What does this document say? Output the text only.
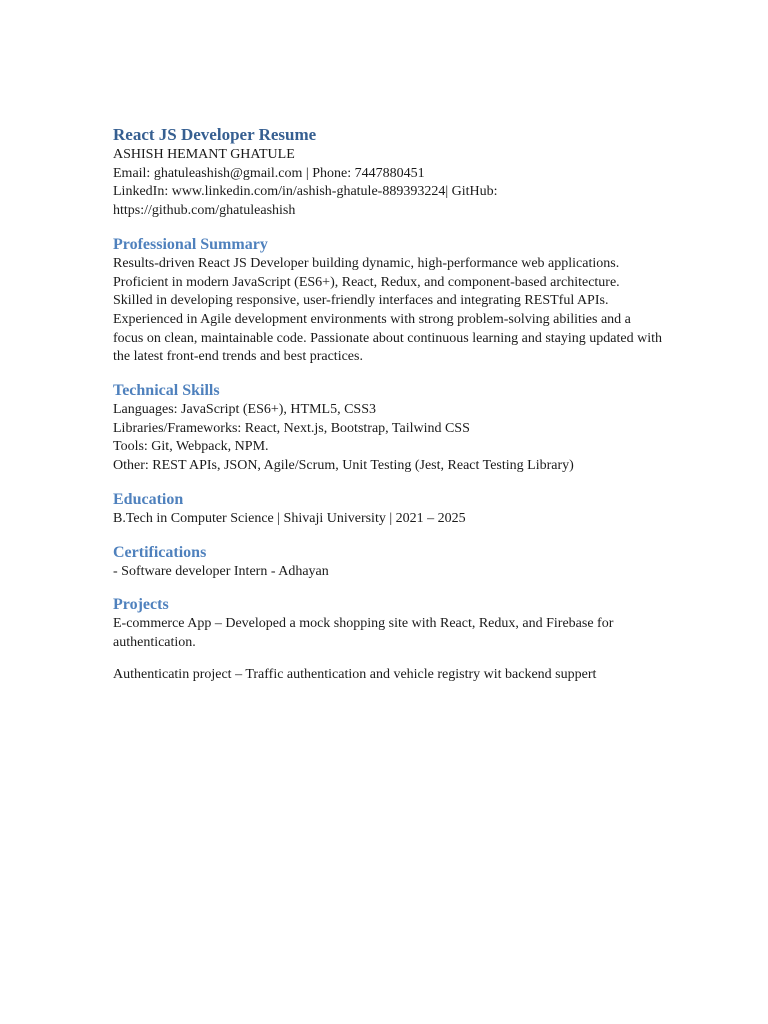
React JS Developer Resume
ASHISH HEMANT GHATULE
Email: ghatuleashish@gmail.com | Phone: 7447880451
LinkedIn: www.linkedin.com/in/ashish-ghatule-889393224| GitHub:
https://github.com/ghatuleashish
Professional Summary
Results-driven React JS Developer building dynamic, high-performance web applications.
Proficient in modern JavaScript (ES6+), React, Redux, and component-based architecture.
Skilled in developing responsive, user-friendly interfaces and integrating RESTful APIs.
Experienced in Agile development environments with strong problem-solving abilities and a
focus on clean, maintainable code. Passionate about continuous learning and staying updated with
the latest front-end trends and best practices.
Technical Skills
Languages: JavaScript (ES6+), HTML5, CSS3
Libraries/Frameworks: React, Next.js, Bootstrap, Tailwind CSS
Tools: Git, Webpack, NPM.
Other: REST APIs, JSON, Agile/Scrum, Unit Testing (Jest, React Testing Library)
Education
B.Tech in Computer Science | Shivaji University | 2021 – 2025
Certifications
- Software developer Intern - Adhayan
Projects
E-commerce App – Developed a mock shopping site with React, Redux, and Firebase for
authentication.
Authenticatin project – Traffic authentication and vehicle registry wit backend suppert
